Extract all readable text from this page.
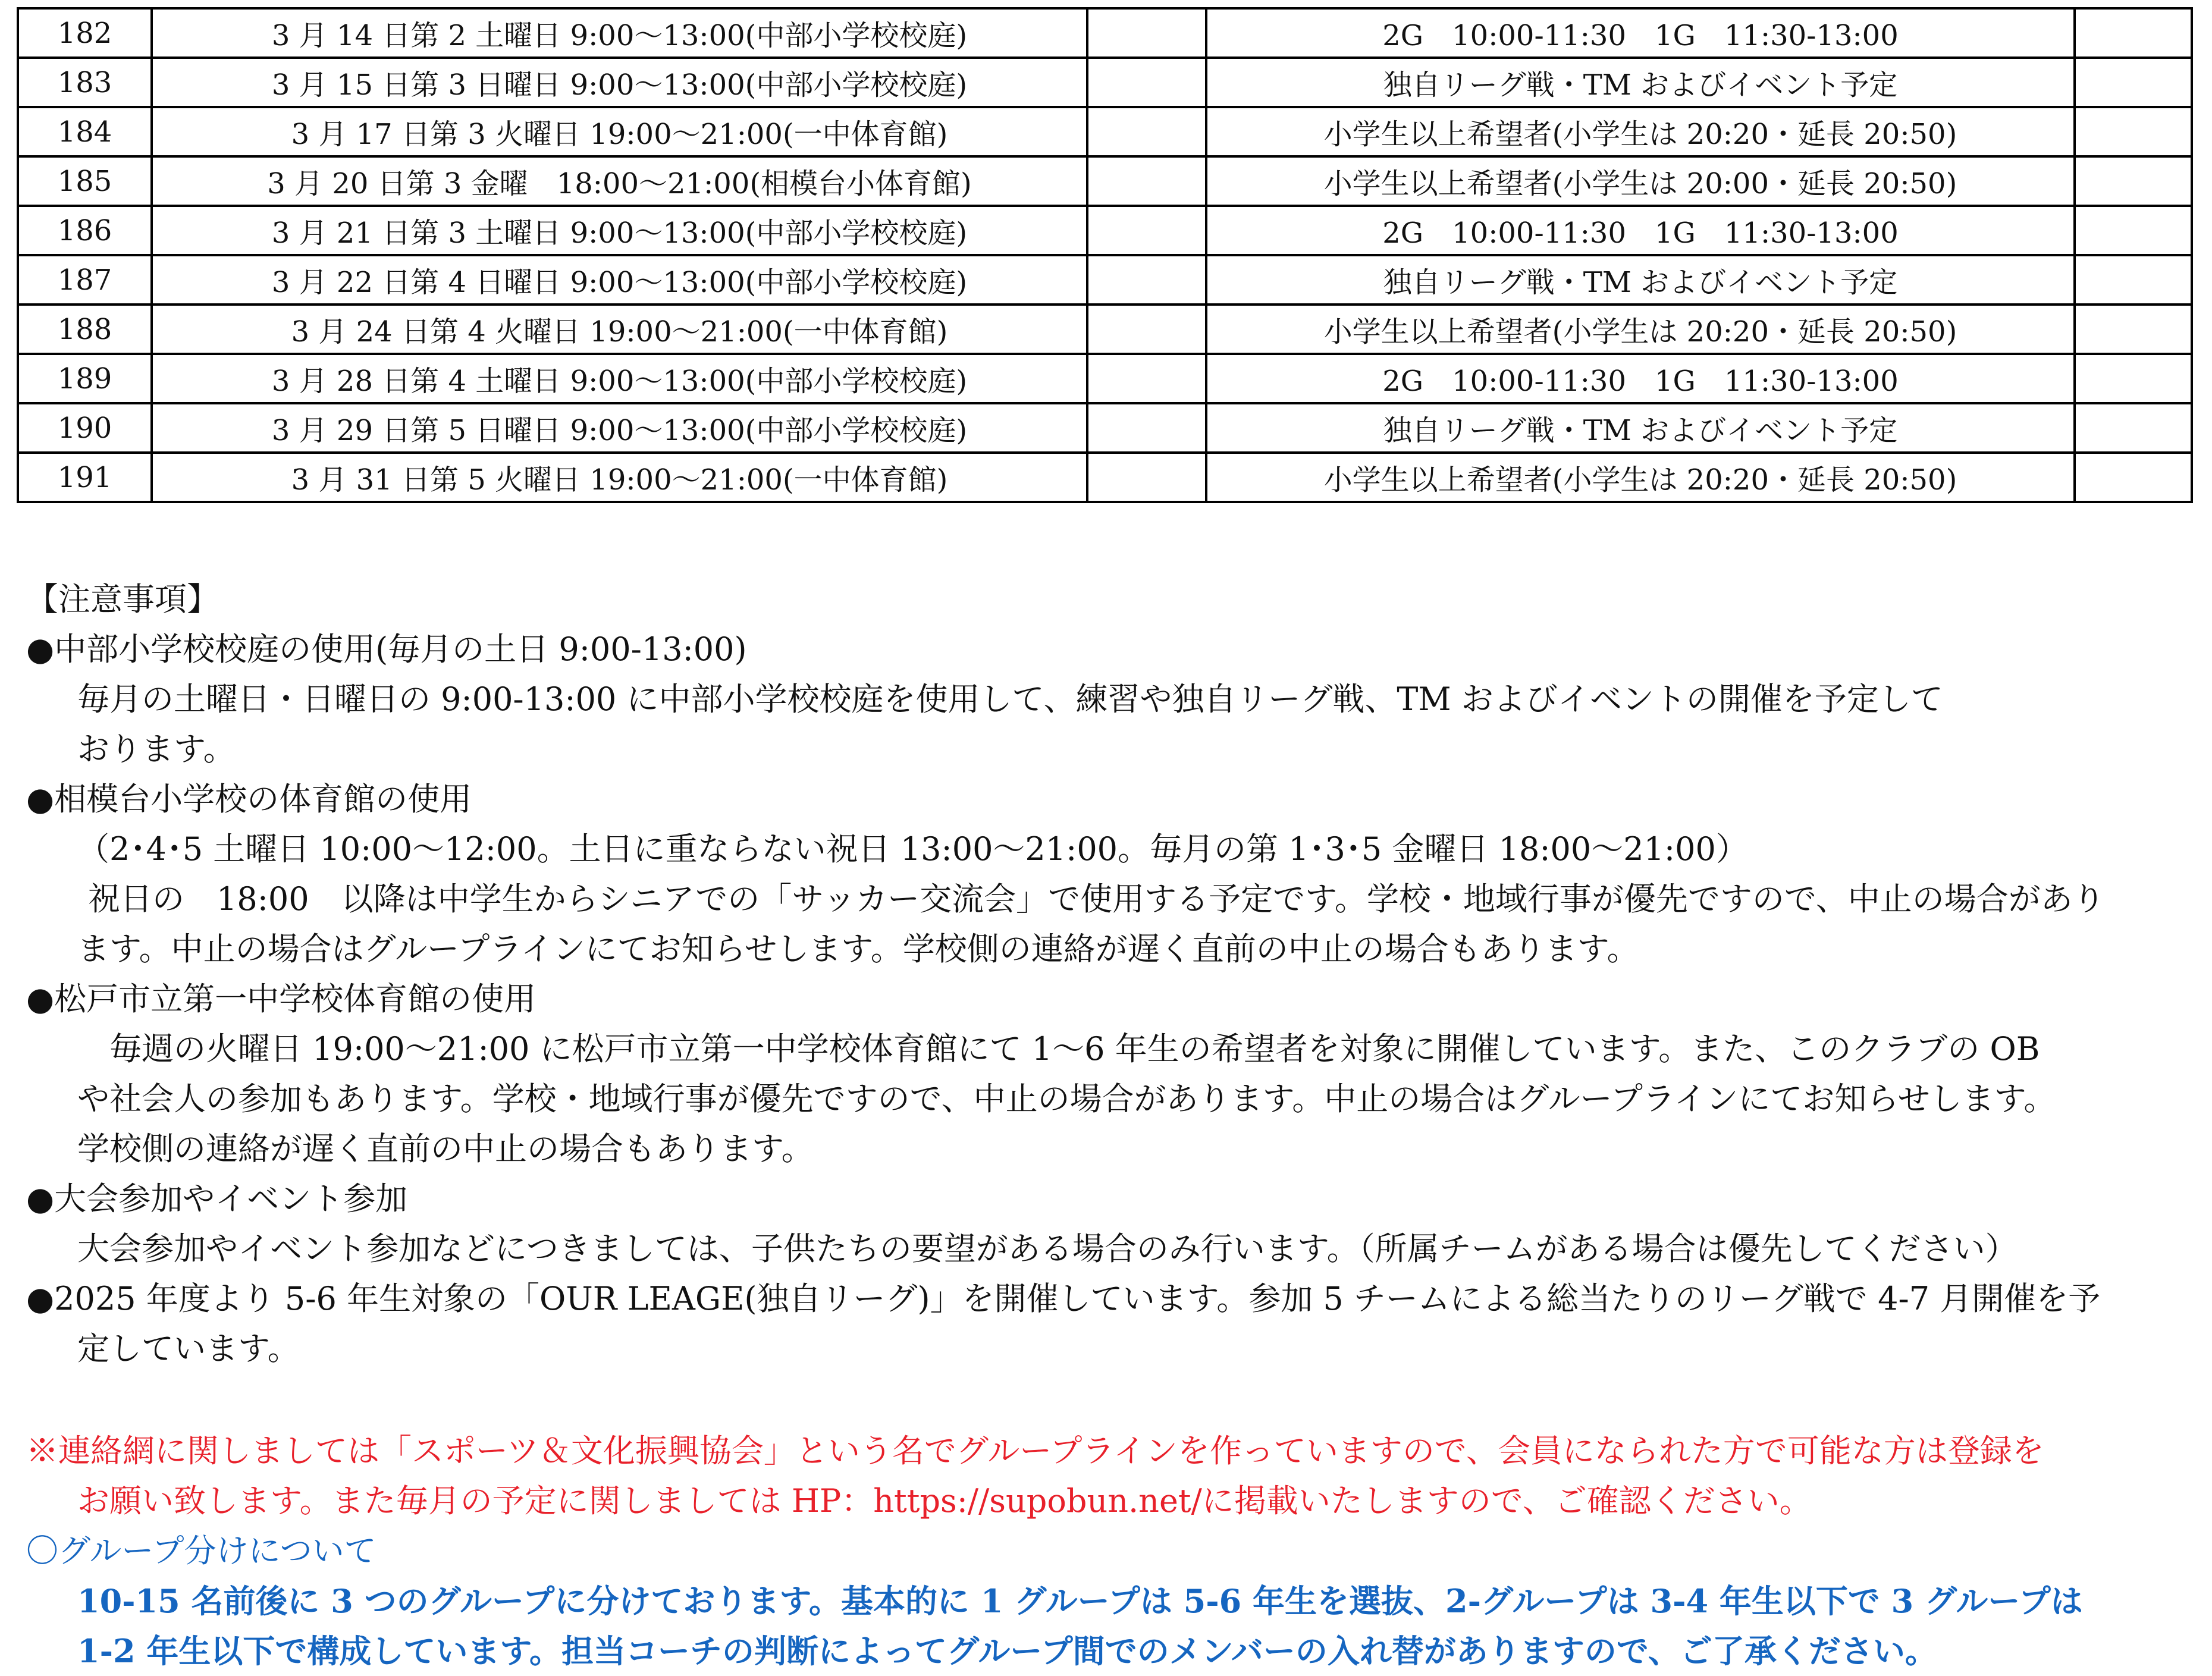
182	3 月 14 日第 2 土曜日 9:00～13:00(中部小学校校庭)		2G　10:00-11:30　1G　11:30-13:00	
183	3 月 15 日第 3 日曜日 9:00～13:00(中部小学校校庭)		独自リーグ戦・TM およびイベント予定	
184	3 月 17 日第 3 火曜日 19:00～21:00(一中体育館)		小学生以上希望者(小学生は 20:20・延長 20:50)	
185	3 月 20 日第 3 金曜　18:00～21:00(相模台小体育館)		小学生以上希望者(小学生は 20:00・延長 20:50)	
186	3 月 21 日第 3 土曜日 9:00～13:00(中部小学校校庭)		2G　10:00-11:30　1G　11:30-13:00	
187	3 月 22 日第 4 日曜日 9:00～13:00(中部小学校校庭)		独自リーグ戦・TM およびイベント予定	
188	3 月 24 日第 4 火曜日 19:00～21:00(一中体育館)		小学生以上希望者(小学生は 20:20・延長 20:50)	
189	3 月 28 日第 4 土曜日 9:00～13:00(中部小学校校庭)		2G　10:00-11:30　1G　11:30-13:00	
190	3 月 29 日第 5 日曜日 9:00～13:00(中部小学校校庭)		独自リーグ戦・TM およびイベント予定	
191	3 月 31 日第 5 火曜日 19:00～21:00(一中体育館)		小学生以上希望者(小学生は 20:20・延長 20:50)	
【注意事項】
●中部小学校校庭の使用(毎月の土日 9:00-13:00)
毎月の土曜日・日曜日の 9:00-13:00 に中部小学校校庭を使用して、練習や独自リーグ戦、TM およびイベントの開催を予定して
おります。
●相模台小学校の体育館の使用
（2･4･5 土曜日 10:00～12:00。土日に重ならない祝日 13:00～21:00。毎月の第 1･3･5 金曜日 18:00～21:00）
祝日の　18:00　以降は中学生からシニアでの「サッカー交流会」で使用する予定です。学校・地域行事が優先ですので、中止の場合があり
ます。中止の場合はグループラインにてお知らせします。学校側の連絡が遅く直前の中止の場合もあります。
●松戸市立第一中学校体育館の使用
　毎週の火曜日 19:00～21:00 に松戸市立第一中学校体育館にて 1～6 年生の希望者を対象に開催しています。また、このクラブの OB
や社会人の参加もあります。学校・地域行事が優先ですので、中止の場合があります。中止の場合はグループラインにてお知らせします。
学校側の連絡が遅く直前の中止の場合もあります。
●大会参加やイベント参加
大会参加やイベント参加などにつきましては、子供たちの要望がある場合のみ行います。（所属チームがある場合は優先してください）
●2025 年度より 5-6 年生対象の「OUR LEAGE(独自リーグ)」を開催しています。参加 5 チームによる総当たりのリーグ戦で 4-7 月開催を予
定しています。
※連絡網に関しましては「スポーツ＆文化振興協会」という名でグループラインを作っていますので、会員になられた方で可能な方は登録を
お願い致します。また毎月の予定に関しましては HP：https://supobun.net/に掲載いたしますので、ご確認ください。
〇グループ分けについて
10-15 名前後に 3 つのグループに分けております。基本的に 1 グループは 5-6 年生を選抜、2-グループは 3-4 年生以下で 3 グループは
1-2 年生以下で構成しています。担当コーチの判断によってグループ間でのメンバーの入れ替がありますので、ご了承ください。
